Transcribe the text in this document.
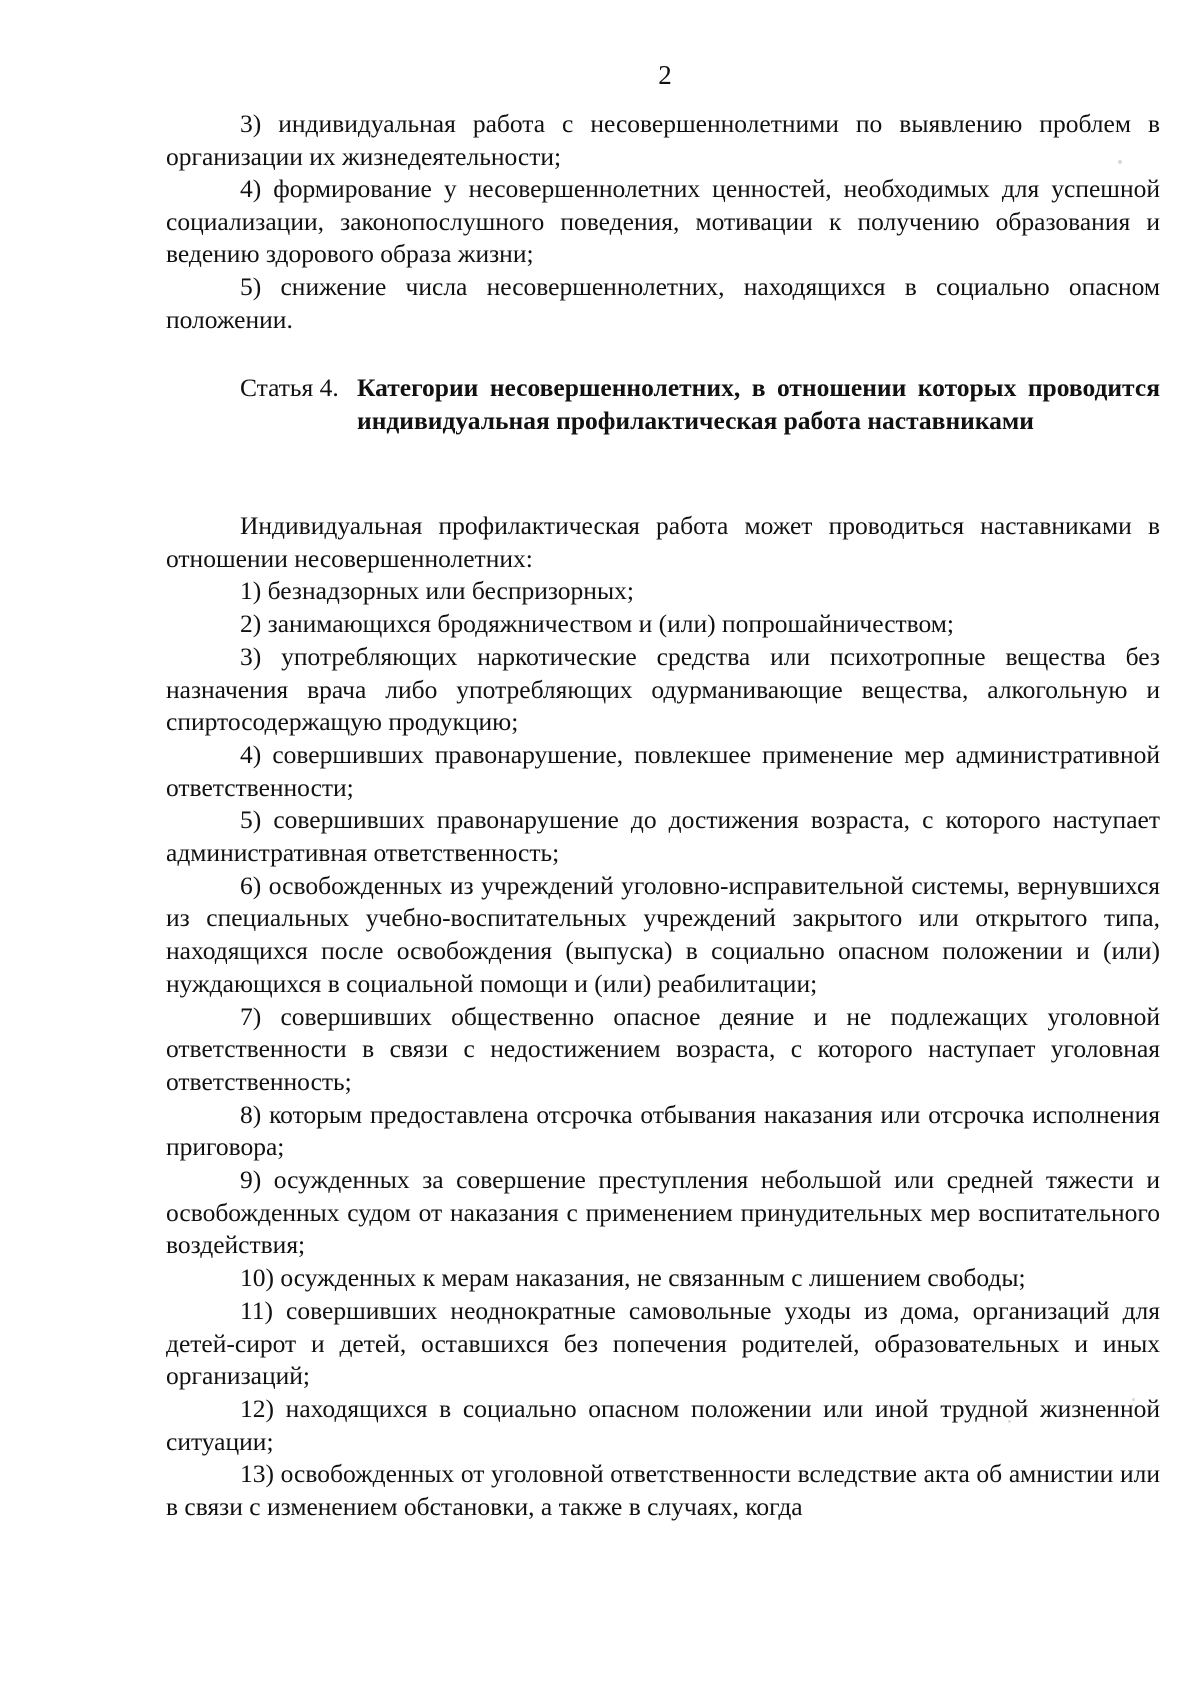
2

3) индивидуальная работа с несовершеннолетними по выявлению проблем в организации их жизнедеятельности;

4) формирование у несовершеннолетних ценностей, необходимых для успешной социализации, законопослушного поведения, мотивации к получению образования и ведению здорового образа жизни;

5) снижение числа несовершеннолетних, находящихся в социально опасном положении.

Статья 4. Категории несовершеннолетних, в отношении которых проводится индивидуальная профилактическая работа наставниками

Индивидуальная профилактическая работа может проводиться наставниками в отношении несовершеннолетних:

1) безнадзорных или беспризорных;

2) занимающихся бродяжничеством и (или) попрошайничеством;

3) употребляющих наркотические средства или психотропные вещества без назначения врача либо употребляющих одурманивающие вещества, алкогольную и спиртосодержащую продукцию;

4) совершивших правонарушение, повлекшее применение мер административной ответственности;

5) совершивших правонарушение до достижения возраста, с которого наступает административная ответственность;

6) освобожденных из учреждений уголовно-исправительной системы, вернувшихся из специальных учебно-воспитательных учреждений закрытого или открытого типа, находящихся после освобождения (выпуска) в социально опасном положении и (или) нуждающихся в социальной помощи и (или) реабилитации;

7) совершивших общественно опасное деяние и не подлежащих уголовной ответственности в связи с недостижением возраста, с которого наступает уголовная ответственность;

8) которым предоставлена отсрочка отбывания наказания или отсрочка исполнения приговора;

9) осужденных за совершение преступления небольшой или средней тяжести и освобожденных судом от наказания с применением принудительных мер воспитательного воздействия;

10) осужденных к мерам наказания, не связанным с лишением свободы;

11) совершивших неоднократные самовольные уходы из дома, организаций для детей-сирот и детей, оставшихся без попечения родителей, образовательных и иных организаций;

12) находящихся в социально опасном положении или иной трудной жизненной ситуации;

13) освобожденных от уголовной ответственности вследствие акта об амнистии или в связи с изменением обстановки, а также в случаях, когда
